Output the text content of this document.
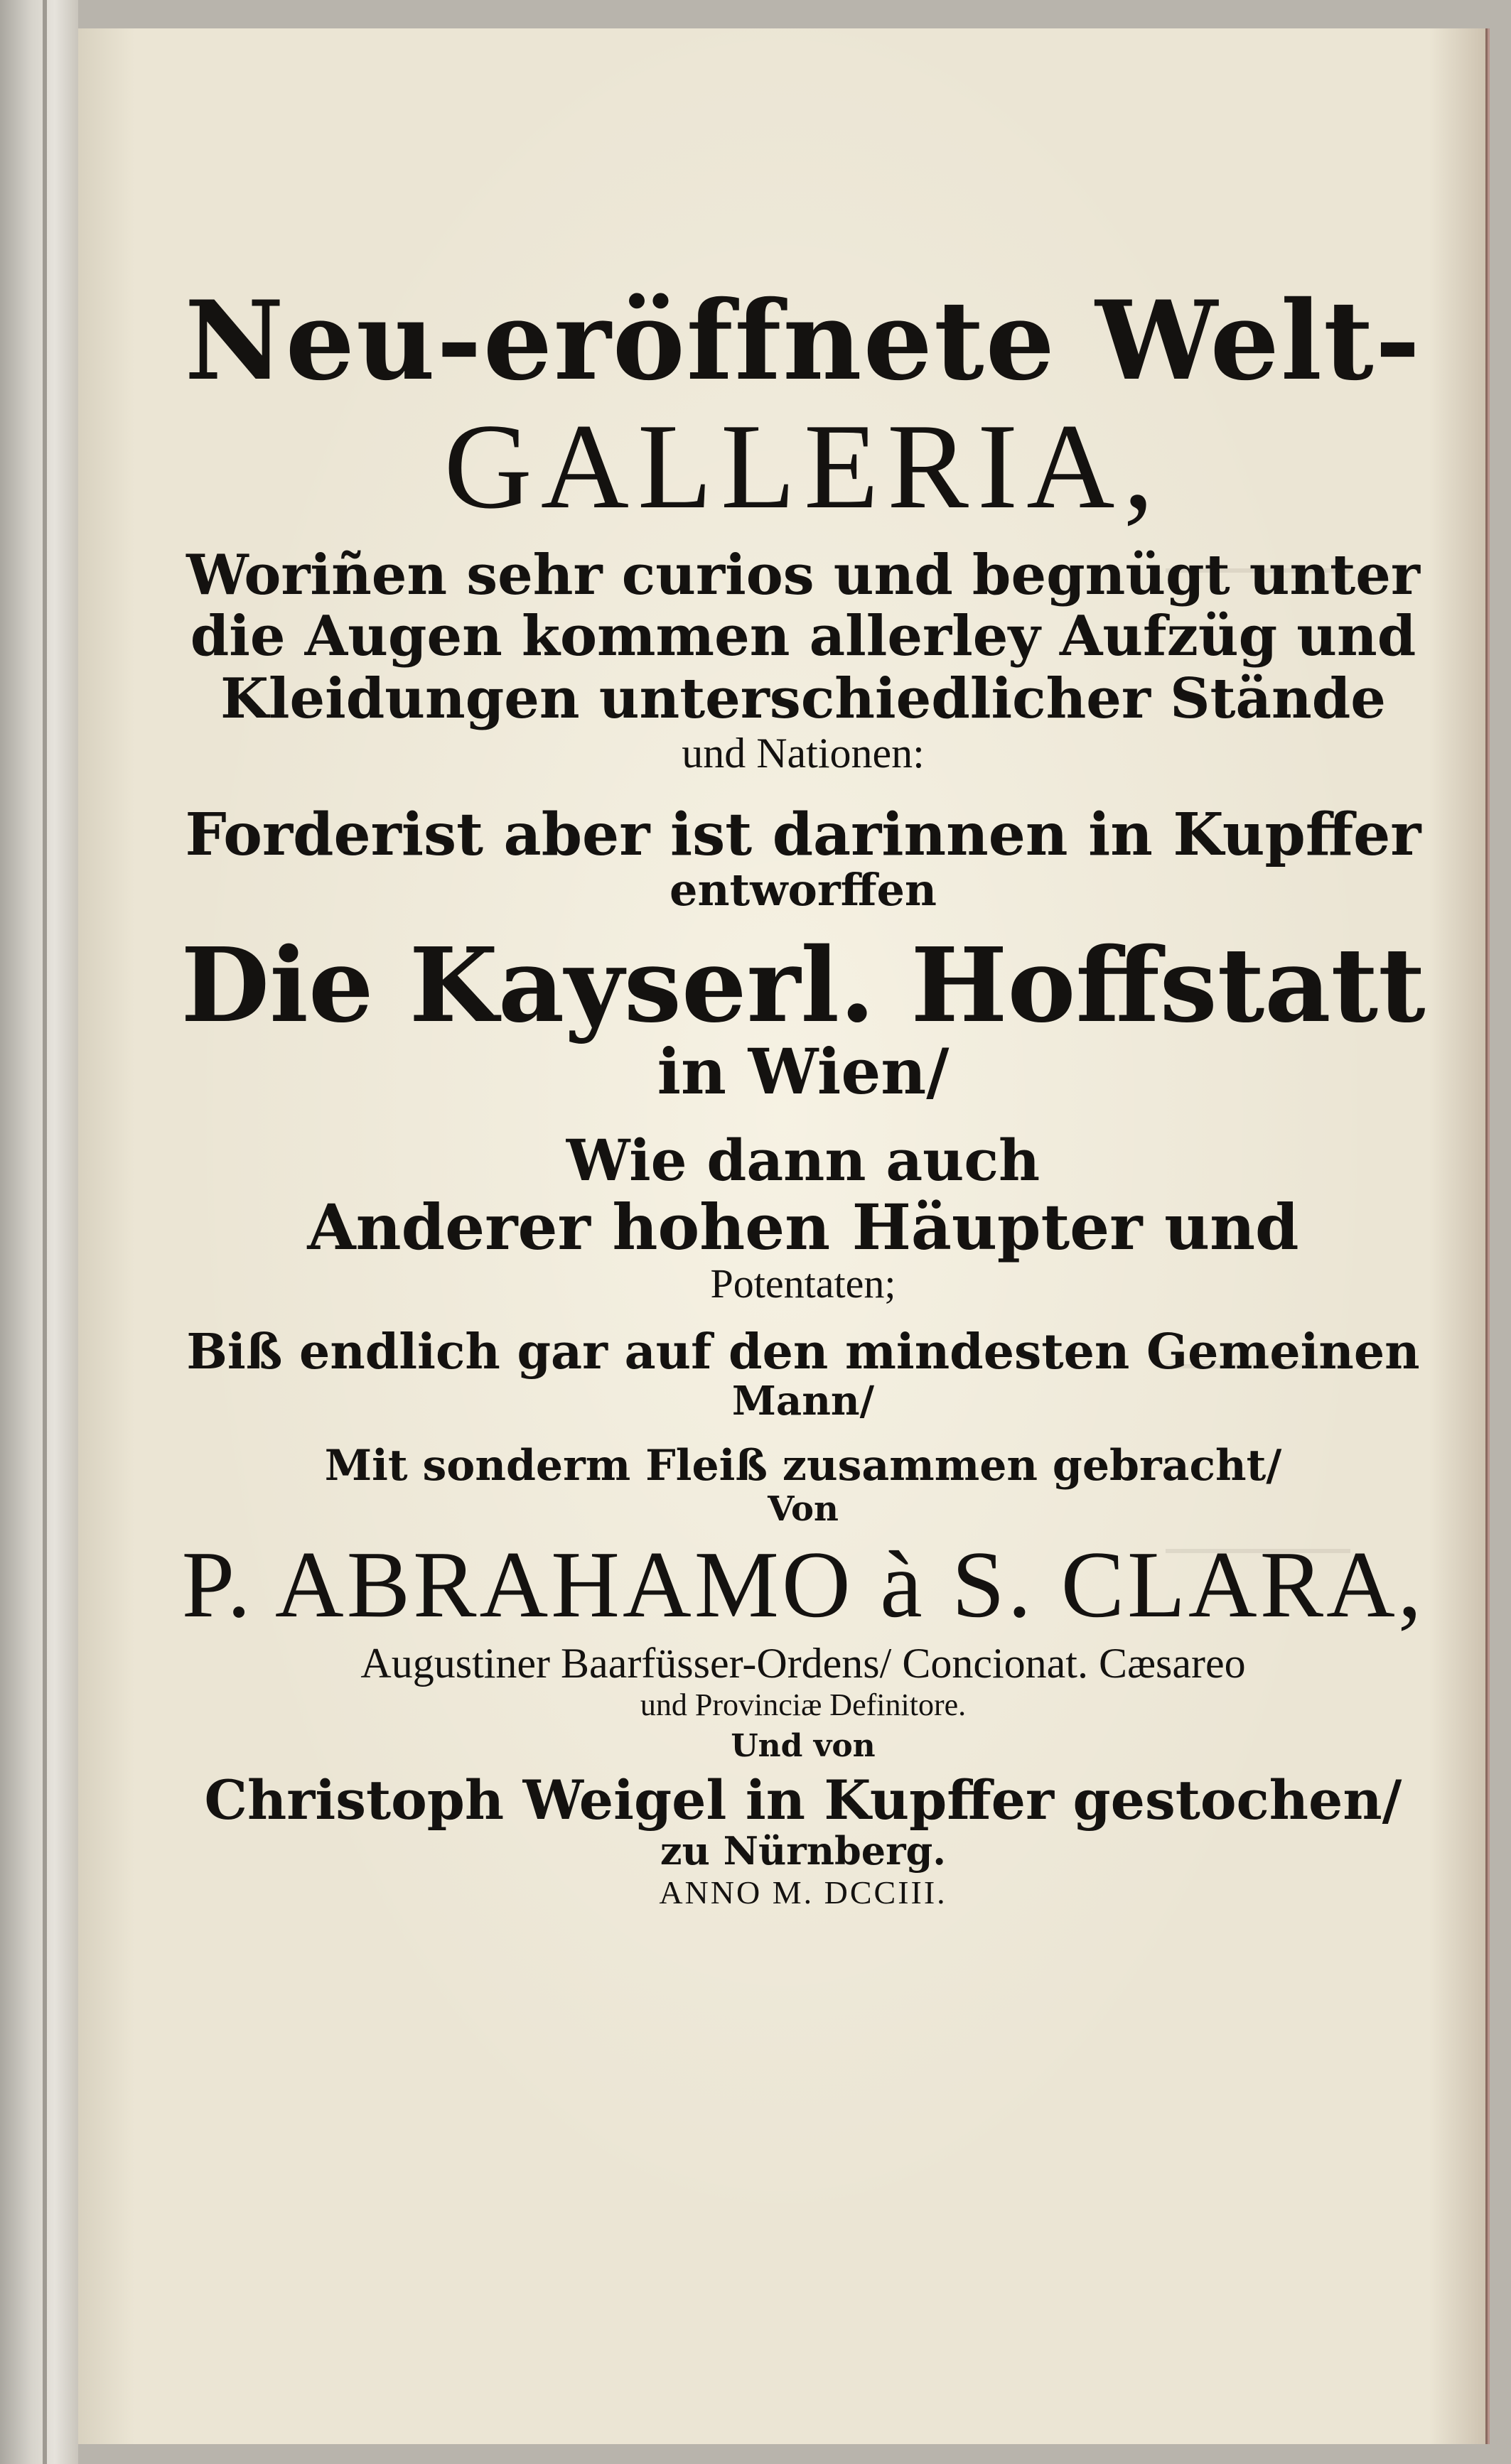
Neu-eröffnete Welt-
GALLERIA,
Woriñen sehr curios und begnügt unter
die Augen kommen allerley Aufzüg und
Kleidungen unterschiedlicher Stände
und Nationen:
Forderist aber ist darinnen in Kupffer
entworffen
Die Kayserl. Hoffstatt
in Wien/
Wie dann auch
Anderer hohen Häupter und
Potentaten;
Biß endlich gar auf den mindesten Gemeinen
Mann/
Mit sonderm Fleiß zusammen gebracht/
Von
P. ABRAHAMO à S. CLARA,
Augustiner Baarfüsser-Ordens/ Concionat. Cæsareo
und Provinciæ Definitore.
Und von
Christoph Weigel in Kupffer gestochen/
zu Nürnberg.
ANNO M. DCCIII.
